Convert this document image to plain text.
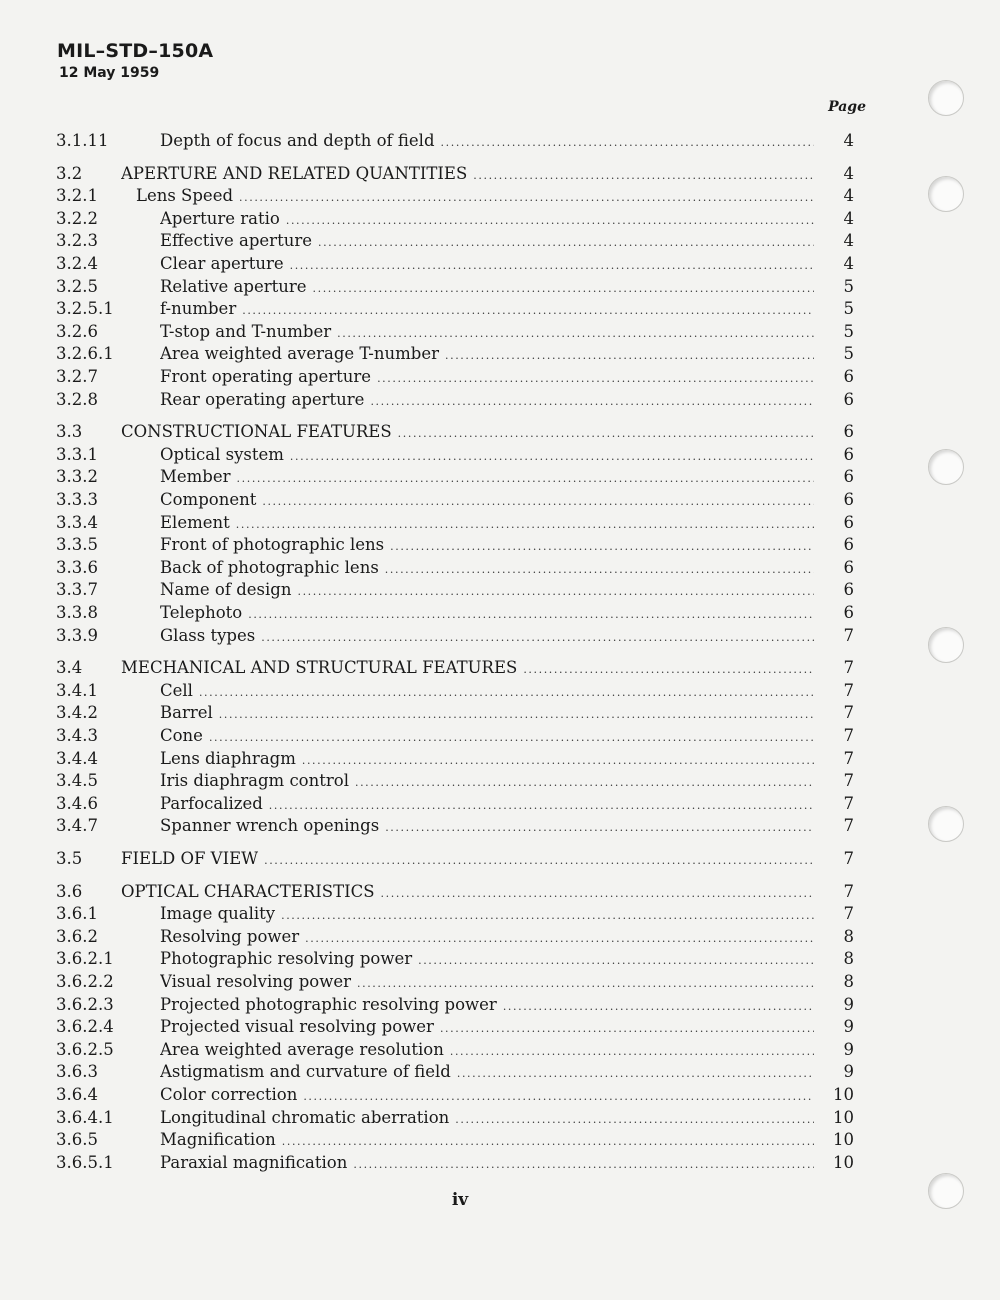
MIL–STD–150A
12 May 1959
Page
3.1.11	Depth of focus and depth of field .....	4
3.2 APERTURE AND RELATED QUANTITIES .....	4
3.2.1 Lens Speed .....	4
3.2.2	Aperture ratio .....	4
3.2.3	Effective aperture .....	4
3.2.4	Clear aperture .....	4
3.2.5	Relative aperture .....	5
3.2.5.1	f-number .....	5
3.2.6	T-stop and T-number .....	5
3.2.6.1	Area weighted average T-number .....	5
3.2.7	Front operating aperture .....	6
3.2.8	Rear operating aperture .....	6
3.3 CONSTRUCTIONAL FEATURES .....	6
3.3.1	Optical system .....	6
3.3.2	Member .....	6
3.3.3	Component .....	6
3.3.4	Element .....	6
3.3.5	Front of photographic lens .....	6
3.3.6	Back of photographic lens .....	6
3.3.7	Name of design .....	6
3.3.8	Telephoto .....	6
3.3.9	Glass types .....	7
3.4 MECHANICAL AND STRUCTURAL FEATURES .....	7
3.4.1	Cell .....	7
3.4.2	Barrel .....	7
3.4.3	Cone .....	7
3.4.4	Lens diaphragm .....	7
3.4.5	Iris diaphragm control .....	7
3.4.6	Parfocalized .....	7
3.4.7	Spanner wrench openings .....	7
3.5 FIELD OF VIEW .....	7
3.6 OPTICAL CHARACTERISTICS .....	7
3.6.1	Image quality .....	7
3.6.2	Resolving power .....	8
3.6.2.1	Photographic resolving power .....	8
3.6.2.2	Visual resolving power .....	8
3.6.2.3	Projected photographic resolving power .....	9
3.6.2.4	Projected visual resolving power .....	9
3.6.2.5	Area weighted average resolution .....	9
3.6.3	Astigmatism and curvature of field .....	9
3.6.4	Color correction .....	10
3.6.4.1	Longitudinal chromatic aberration .....	10
3.6.5	Magnification .....	10
3.6.5.1	Paraxial magnification .....	10
iv
